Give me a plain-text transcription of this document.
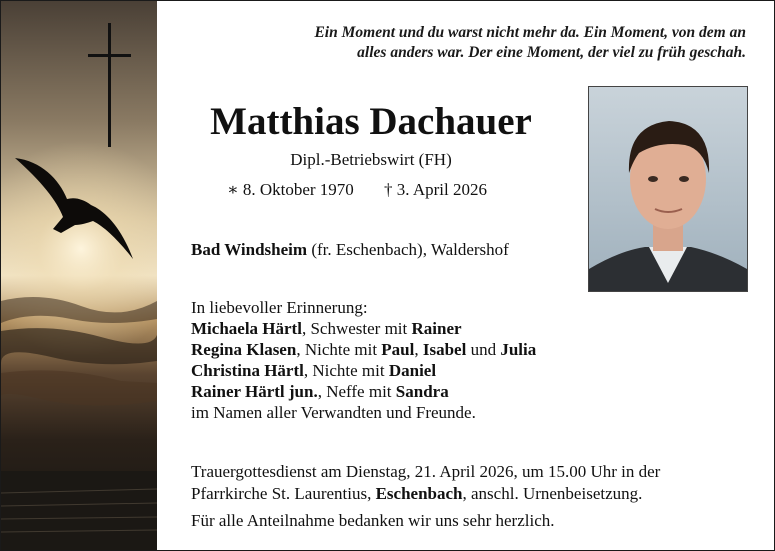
Ein Moment und du warst nicht mehr da. Ein Moment, von dem an
alles anders war. Der eine Moment, der viel zu früh geschah.
Matthias Dachauer
Dipl.-Betriebswirt (FH)
∗ 8. Oktober 1970 † 3. April 2026
Bad Windsheim (fr. Eschenbach), Waldershof
In liebevoller Erinnerung:
Michaela Härtl, Schwester mit Rainer
Regina Klasen, Nichte mit Paul, Isabel und Julia
Christina Härtl, Nichte mit Daniel
Rainer Härtl jun., Neffe mit Sandra
im Namen aller Verwandten und Freunde.
Trauergottesdienst am Dienstag, 21. April 2026, um 15.00 Uhr in der
Pfarrkirche St. Laurentius, Eschenbach, anschl. Urnenbeisetzung.
Für alle Anteilnahme bedanken wir uns sehr herzlich.
